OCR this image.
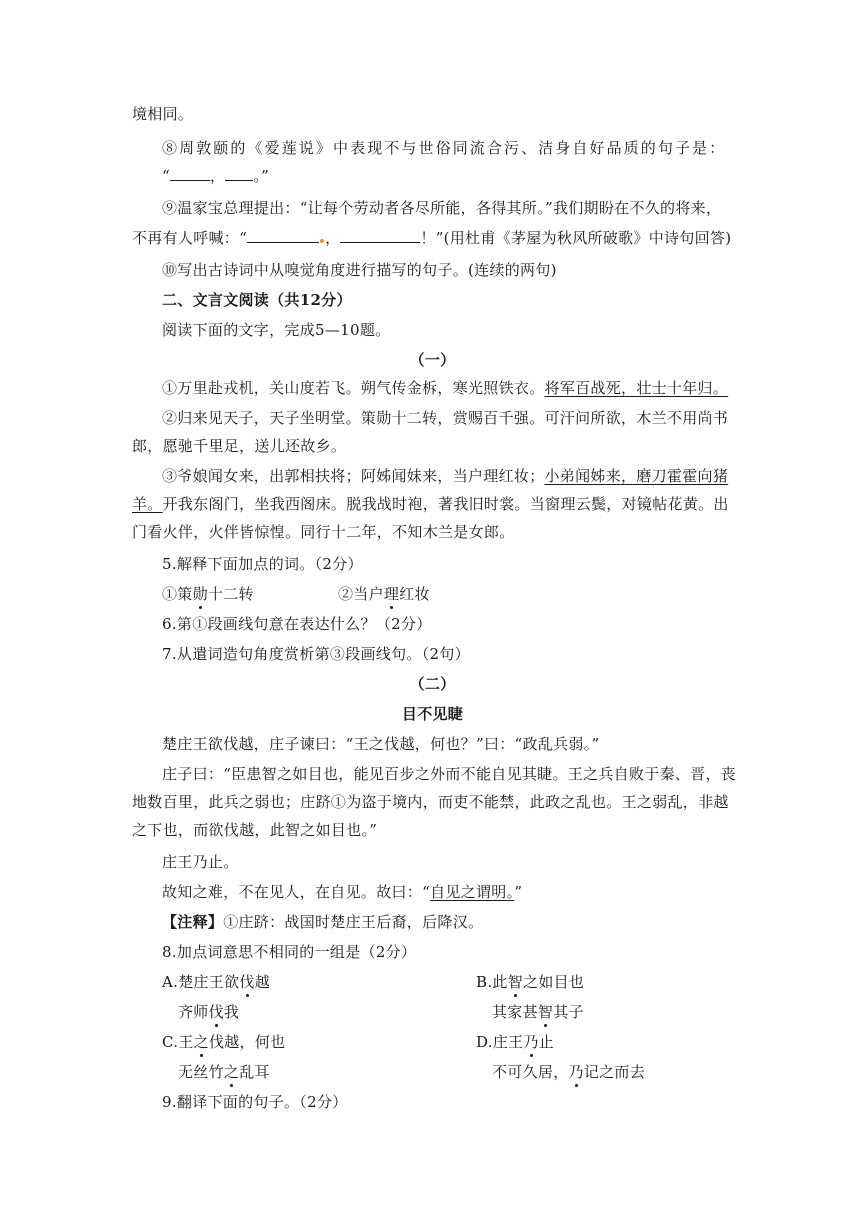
境相同。
⑧周敦颐的《爱莲说》中表现不与世俗同流合污、洁身自好品质的句子是：
“	， 。”
⑨温家宝总理提出：“让每个劳动者各尽所能，各得其所。”我们期盼在不久的将来，
不再有人呼喊：“	，	！”(用杜甫《茅屋为秋风所破歌》中诗句回答)
⑩写出古诗词中从嗅觉角度进行描写的句子。(连续的两句)
二、文言文阅读（共12分）
阅读下面的文字，完成5—10题。
（一）
①万里赴戎机，关山度若飞。朔气传金柝，寒光照铁衣。将军百战死，壮士十年归。
②归来见天子，天子坐明堂。策勋十二转，赏赐百千强。可汗问所欲，木兰不用尚书
郎，愿驰千里足，送儿还故乡。
③爷娘闻女来，出郭相扶将；阿姊闻妹来，当户理红妆；小弟闻姊来，磨刀霍霍向猪
羊。开我东阁门，坐我西阁床。脱我战时袍，著我旧时裳。当窗理云鬓，对镜帖花黄。出
门看火伴，火伴皆惊惶。同行十二年，不知木兰是女郎。
5.解释下面加点的词。（2分）
①策勋十二转	②当户理红妆
6.第①段画线句意在表达什么？（2分）
7.从遣词造句角度赏析第③段画线句。（2句）
（二）
目不见睫
楚庄王欲伐越，庄子谏曰：“王之伐越，何也？”曰：“政乱兵弱。”
庄子曰：“臣患智之如目也，能见百步之外而不能自见其睫。王之兵自败于秦、晋，丧
地数百里，此兵之弱也；庄跻①为盗于境内，而吏不能禁，此政之乱也。王之弱乱，非越
之下也，而欲伐越，此智之如目也。”
庄王乃止。
故知之难，不在见人，在自见。故曰：“自见之谓明。”
【注释】①庄跻：战国时楚庄王后裔，后降汉。
8.加点词意思不相同的一组是（2分）
A.楚庄王欲伐越	B.此智之如目也
齐师伐我	其家甚智其子
C.王之伐越，何也	D.庄王乃止
无丝竹之乱耳	不可久居，乃记之而去
9.翻译下面的句子。（2分）
